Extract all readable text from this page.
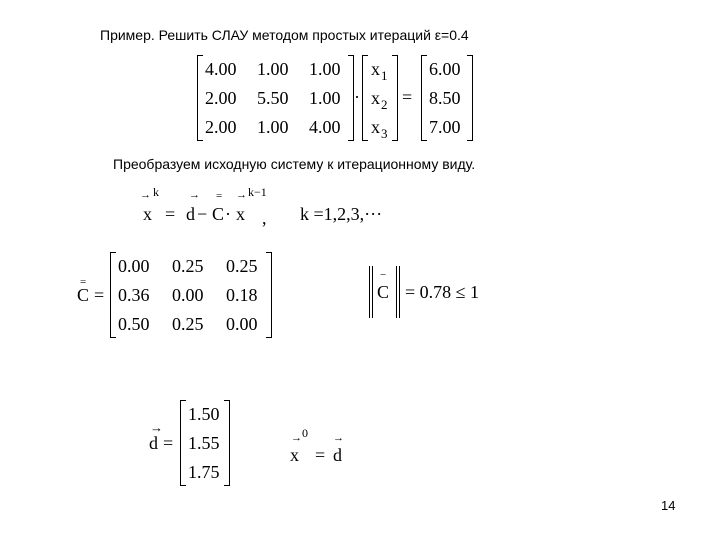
Пример. Решить СЛАУ методом простых итераций ε=0.4
4.00	1.00	1.00
2.00	5.50	1.00
2.00	1.00	4.00
·
$x_1$
$x_2$
$x_3$
=
6.00
8.50
7.00
Преобразуем исходную систему к итерационному виду.
→
x
k
=
→
d −
=
C ·
→
x
k−1
, k =1,2,3,···
=
C =
0.00	0.25	0.25
0.36	0.00	0.18
0.50	0.25	0.00
−
C = 0.78 ≤ 1
→
d =
1.50
1.55
1.75
→
x
0
=
→
d
14
